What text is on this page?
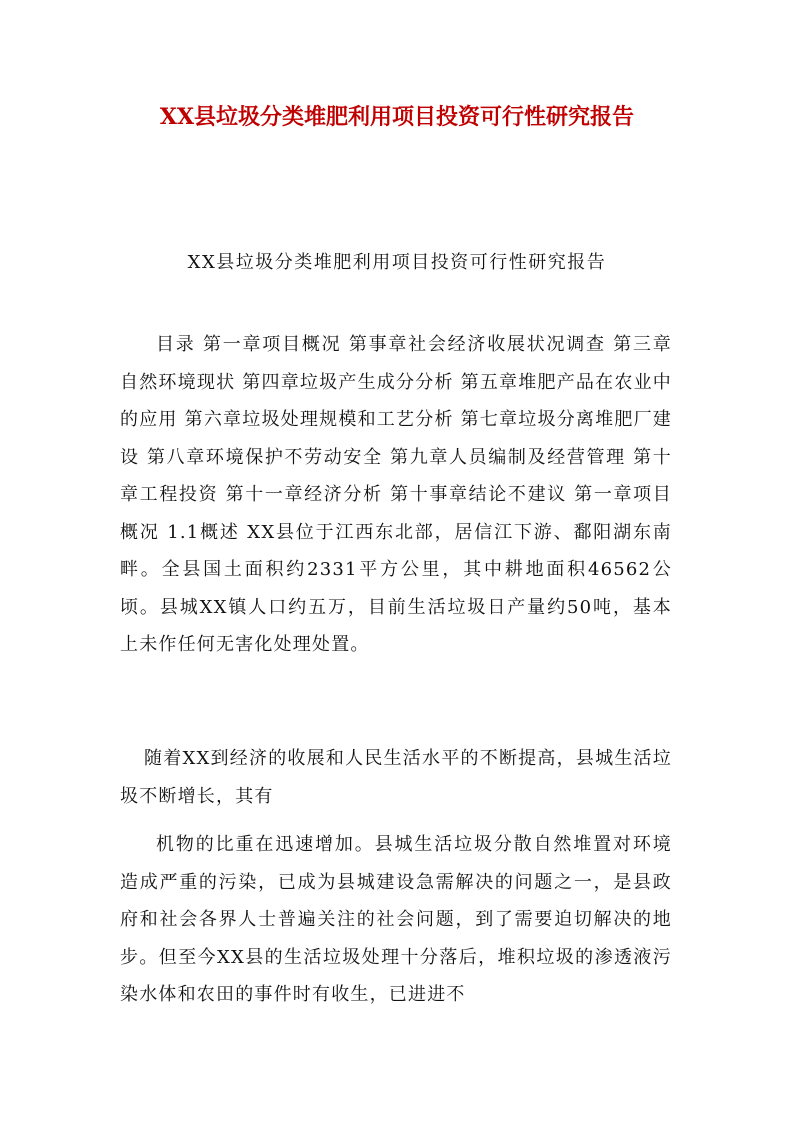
XX县垃圾分类堆肥利用项目投资可行性研究报告

XX县垃圾分类堆肥利用项目投资可行性研究报告

目录 第一章项目概况 第事章社会经济收展状况调查 第三章自然环境现状 第四章垃圾产生成分分析 第五章堆肥产品在农业中的应用 第六章垃圾处理规模和工艺分析 第七章垃圾分离堆肥厂建设 第八章环境保护不劳动安全 第九章人员编制及经营管理 第十章工程投资 第十一章经济分析 第十事章结论不建议 第一章项目概况 1.1概述 XX县位于江西东北部，居信江下游、鄱阳湖东南畔。全县国土面积约2331平方公里，其中耕地面积46562公顷。县城XX镇人口约五万，目前生活垃圾日产量约50吨，基本上未作任何无害化处理处置。

随着XX到经济的收展和人民生活水平的不断提高，县城生活垃圾不断增长，其有

机物的比重在迅速增加。县城生活垃圾分散自然堆置对环境造成严重的污染，已成为县城建设急需解决的问题之一，是县政府和社会各界人士普遍关注的社会问题，到了需要迫切解决的地步。但至今XX县的生活垃圾处理十分落后，堆积垃圾的渗透液污染水体和农田的事件时有收生，已进进不
